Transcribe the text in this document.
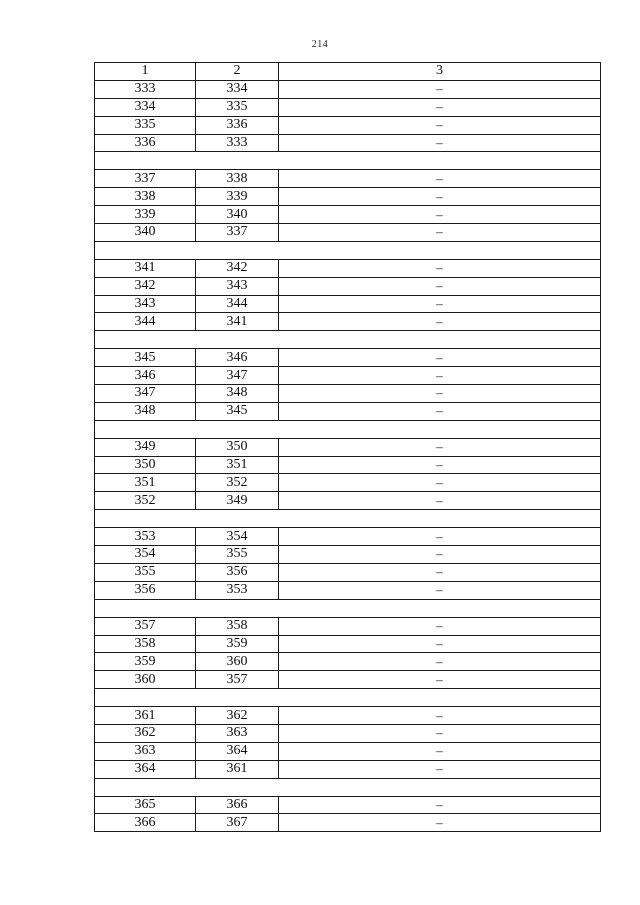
214
1	2	3
333	334	–
334	335	–
335	336	–
336	333	–

337	338	–
338	339	–
339	340	–
340	337	–

341	342	–
342	343	–
343	344	–
344	341	–

345	346	–
346	347	–
347	348	–
348	345	–

349	350	–
350	351	–
351	352	–
352	349	–

353	354	–
354	355	–
355	356	–
356	353	–

357	358	–
358	359	–
359	360	–
360	357	–

361	362	–
362	363	–
363	364	–
364	361	–

365	366	–
366	367	–
